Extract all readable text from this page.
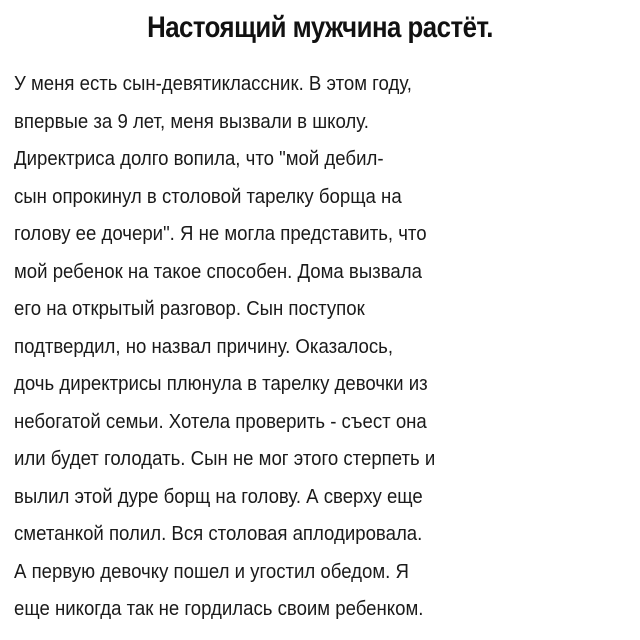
Настоящий мужчина растёт.
У меня есть сын-девятиклассник. В этом году,
впервые за 9 лет, меня вызвали в школу.
Директриса долго вопила, что "мой дебил-
сын опрокинул в столовой тарелку борща на
голову ее дочери". Я не могла представить, что
мой ребенок на такое способен. Дома вызвала
его на открытый разговор. Сын поступок
подтвердил, но назвал причину. Оказалось,
дочь директрисы плюнула в тарелку девочки из
небогатой семьи. Хотела проверить - съест она
или будет голодать. Сын не мог этого стерпеть и
вылил этой дуре борщ на голову. А сверху еще
сметанкой полил. Вся столовая аплодировала.
А первую девочку пошел и угостил обедом. Я
еще никогда так не гордилась своим ребенком.
